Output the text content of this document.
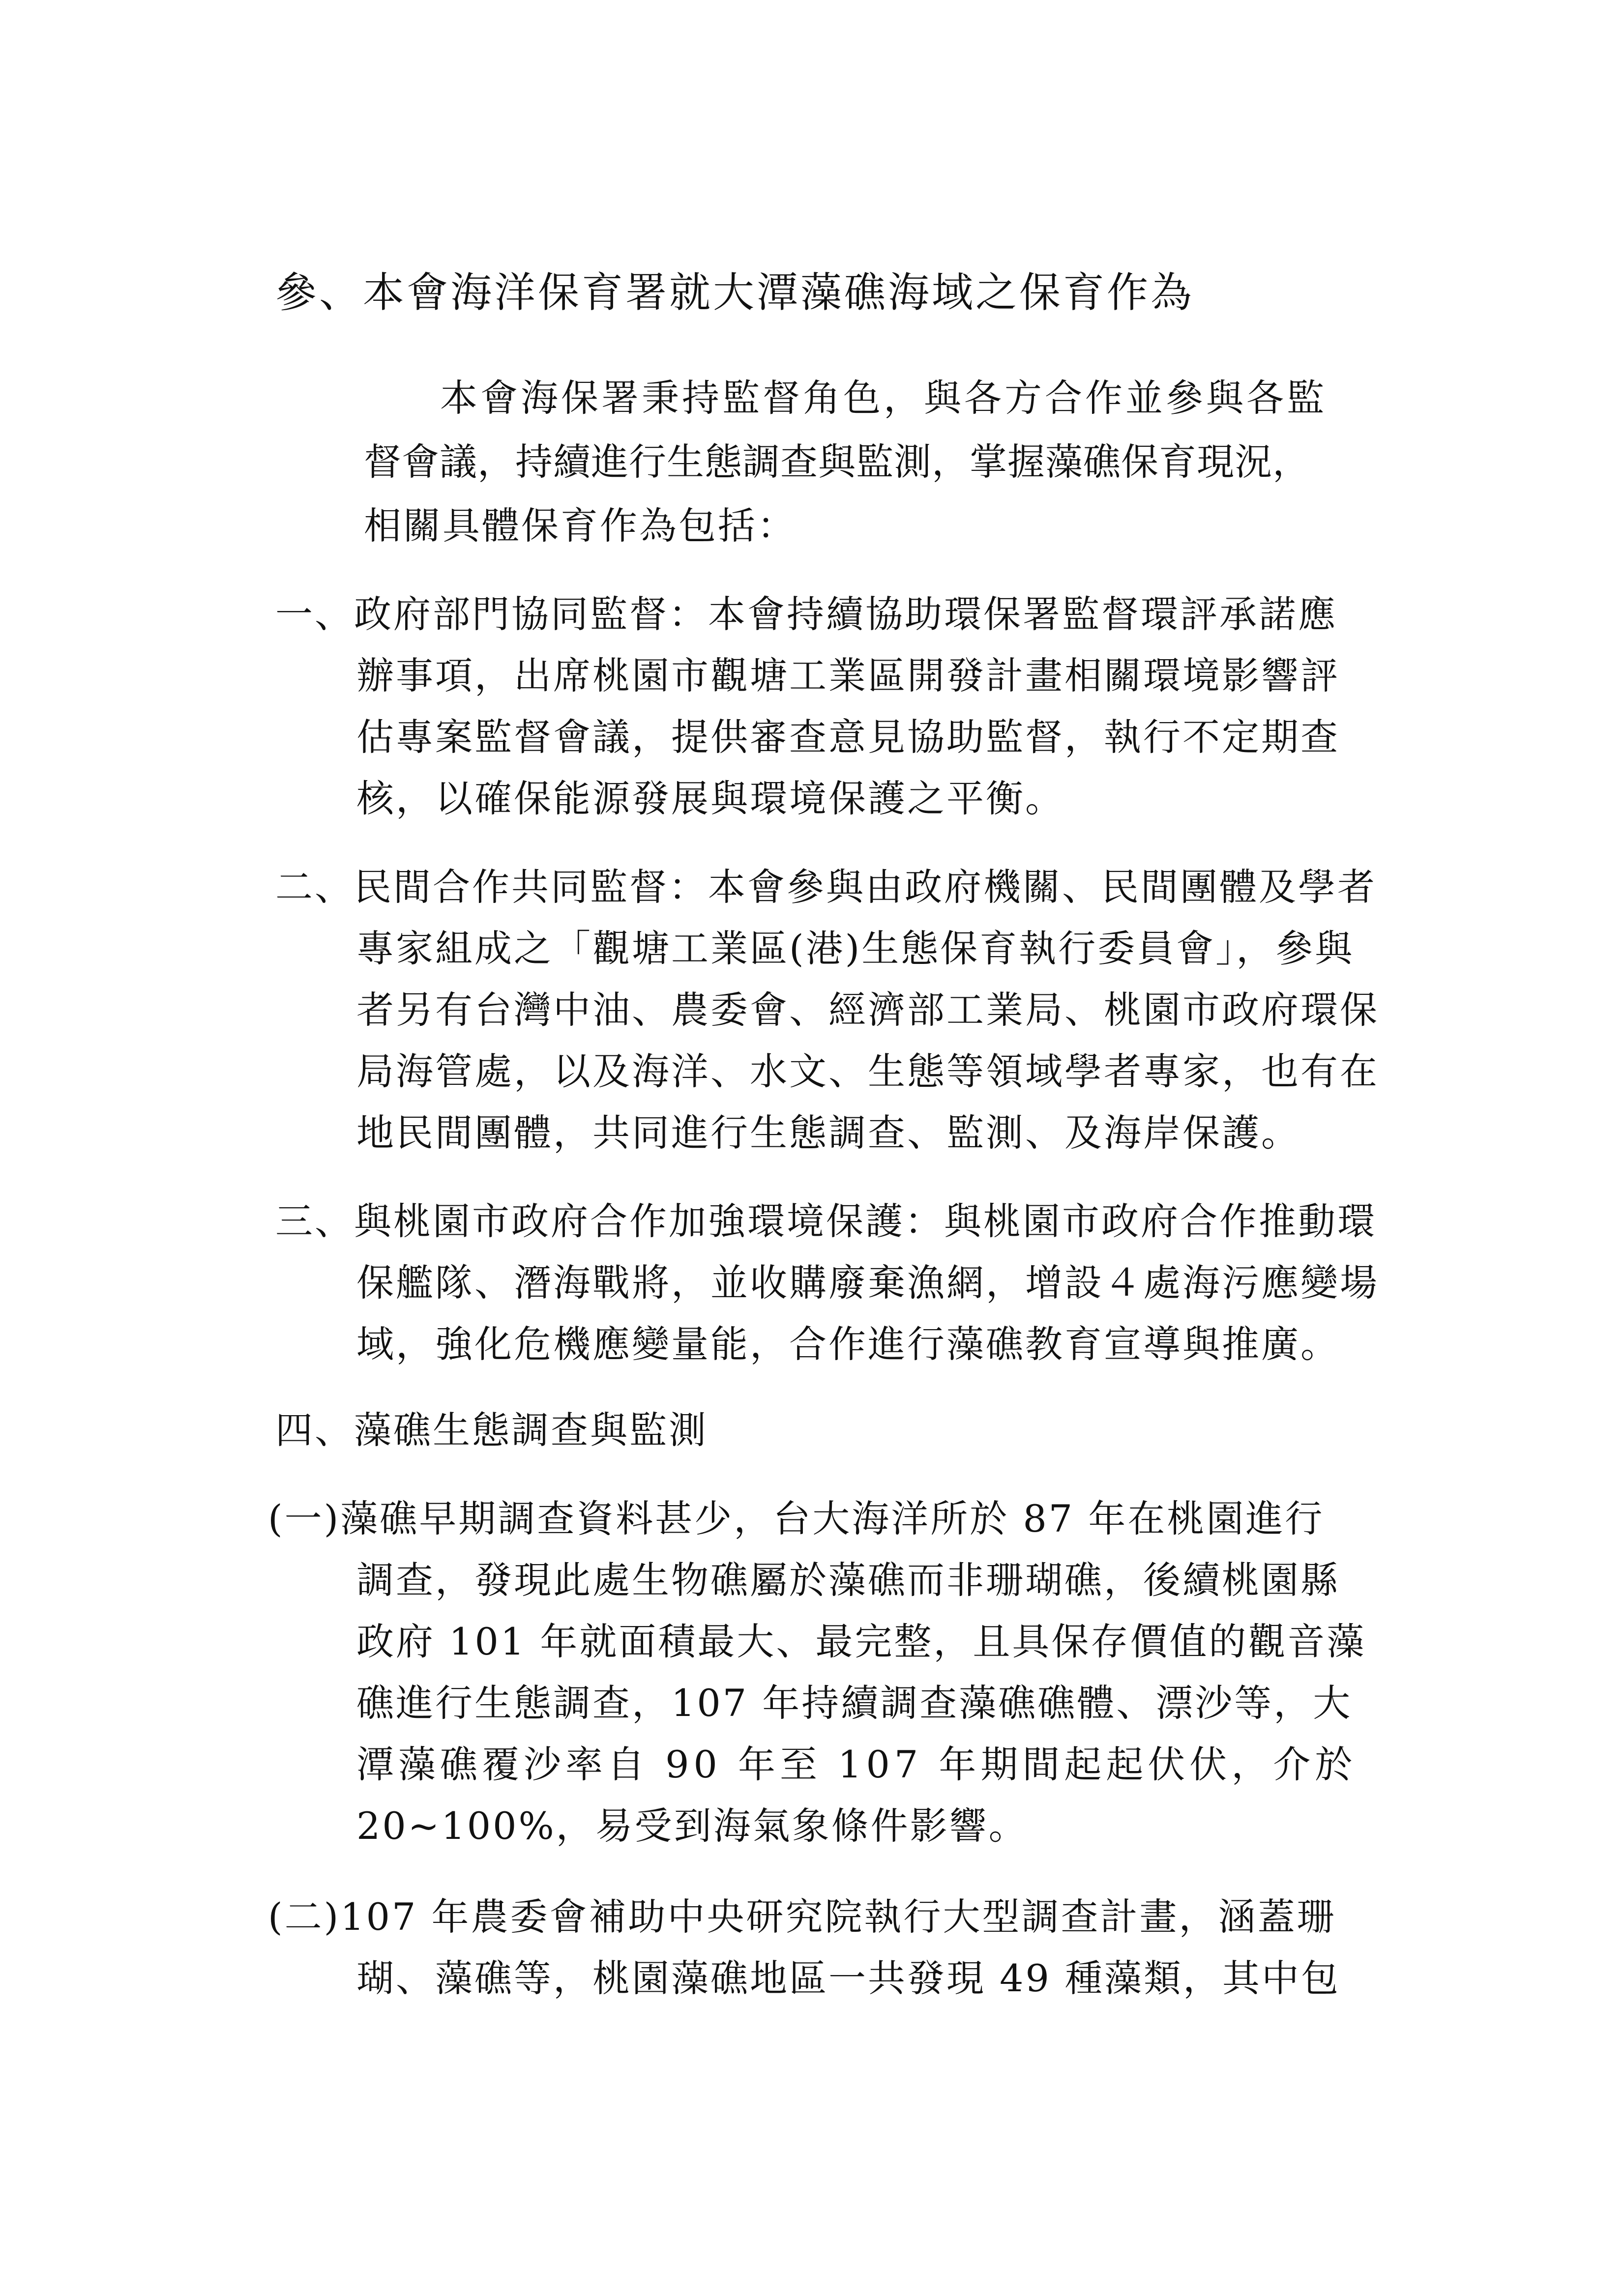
參、本會海洋保育署就大潭藻礁海域之保育作為
本會海保署秉持監督角色，與各方合作並參與各監
督會議，持續進行生態調查與監測，掌握藻礁保育現況，
相關具體保育作為包括：
一、政府部門協同監督：本會持續協助環保署監督環評承諾應
辦事項，出席桃園市觀塘工業區開發計畫相關環境影響評
估專案監督會議，提供審查意見協助監督，執行不定期查
核，以確保能源發展與環境保護之平衡。
二、民間合作共同監督：本會參與由政府機關、民間團體及學者
專家組成之「觀塘工業區(港)生態保育執行委員會」，參與
者另有台灣中油、農委會、經濟部工業局、桃園市政府環保
局海管處，以及海洋、水文、生態等領域學者專家，也有在
地民間團體，共同進行生態調查、監測、及海岸保護。
三、與桃園市政府合作加強環境保護：與桃園市政府合作推動環
保艦隊、潛海戰將，並收購廢棄漁網，增設４處海污應變場
域，強化危機應變量能，合作進行藻礁教育宣導與推廣。
四、藻礁生態調查與監測
(一)藻礁早期調查資料甚少，台大海洋所於 87 年在桃園進行
調查，發現此處生物礁屬於藻礁而非珊瑚礁，後續桃園縣
政府 101 年就面積最大、最完整，且具保存價值的觀音藻
礁進行生態調查，107 年持續調查藻礁礁體、漂沙等，大
潭藻礁覆沙率自 90 年至 107 年期間起起伏伏，介於
20~100%，易受到海氣象條件影響。
(二)107 年農委會補助中央研究院執行大型調查計畫，涵蓋珊
瑚、藻礁等，桃園藻礁地區一共發現 49 種藻類，其中包
